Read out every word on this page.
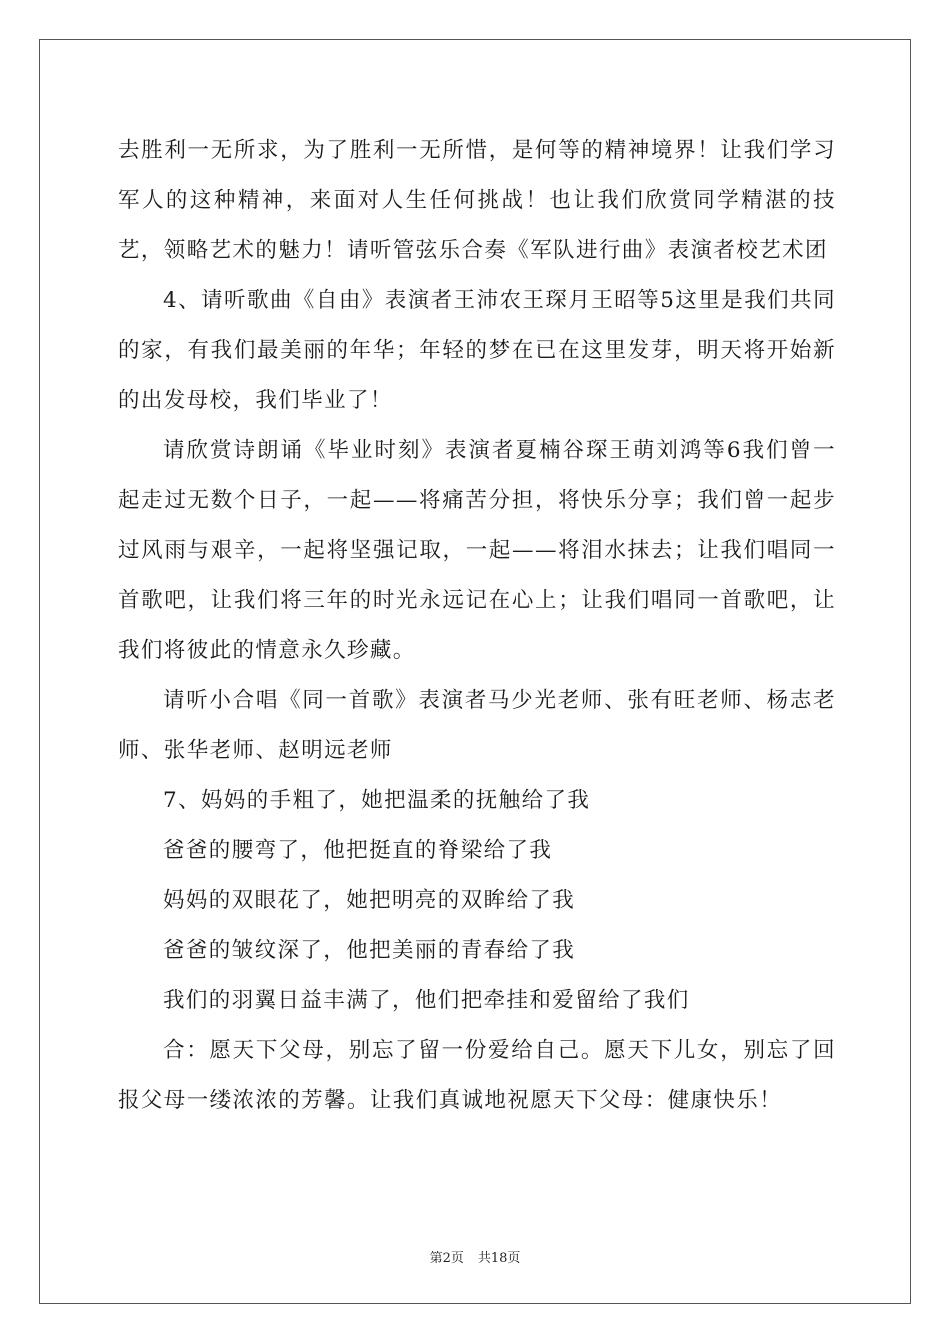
去胜利一无所求，为了胜利一无所惜，是何等的精神境界！让我们学习军人的这种精神，来面对人生任何挑战！也让我们欣赏同学精湛的技艺，领略艺术的魅力！请听管弦乐合奏《军队进行曲》表演者校艺术团

4、请听歌曲《自由》表演者王沛农王琛月王昭等5这里是我们共同的家，有我们最美丽的年华；年轻的梦在已在这里发芽，明天将开始新的出发母校，我们毕业了！

请欣赏诗朗诵《毕业时刻》表演者夏楠谷琛王萌刘鸿等6我们曾一起走过无数个日子，一起——将痛苦分担，将快乐分享；我们曾一起步过风雨与艰辛，一起将坚强记取，一起——将泪水抹去；让我们唱同一首歌吧，让我们将三年的时光永远记在心上；让我们唱同一首歌吧，让我们将彼此的情意永久珍藏。

请听小合唱《同一首歌》表演者马少光老师、张有旺老师、杨志老师、张华老师、赵明远老师

7、妈妈的手粗了，她把温柔的抚触给了我

爸爸的腰弯了，他把挺直的脊梁给了我

妈妈的双眼花了，她把明亮的双眸给了我

爸爸的皱纹深了，他把美丽的青春给了我

我们的羽翼日益丰满了，他们把牵挂和爱留给了我们

合：愿天下父母，别忘了留一份爱给自己。愿天下儿女，别忘了回报父母一缕浓浓的芳馨。让我们真诚地祝愿天下父母：健康快乐！

第2页 共18页
